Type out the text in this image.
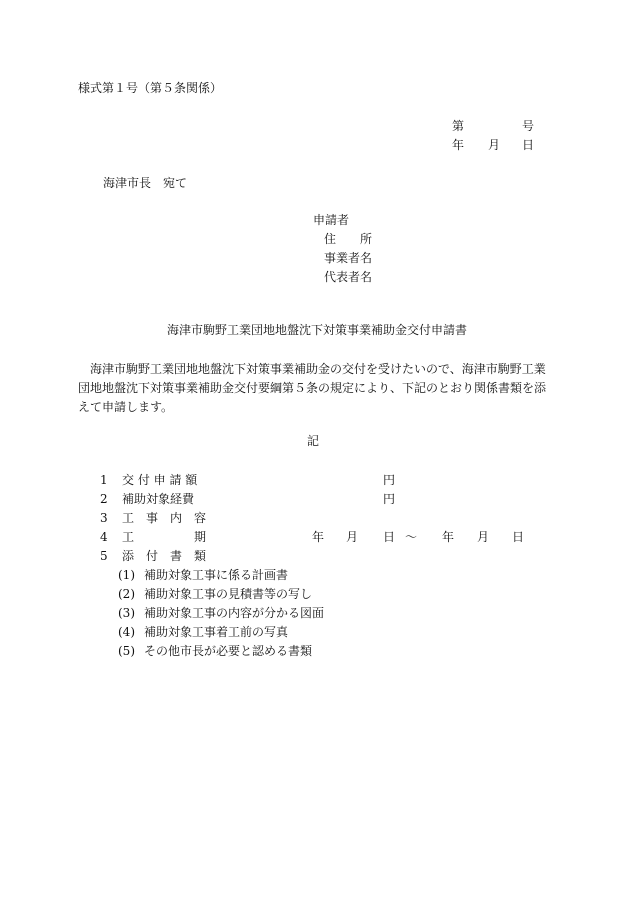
様式第１号（第５条関係）
第	号
年 月 日
海津市長　宛て
申請者
住　　所
事業者名
代表者名
海津市駒野工業団地地盤沈下対策事業補助金交付申請書
海津市駒野工業団地地盤沈下対策事業補助金の交付を受けたいので、海津市駒野工業団地地盤沈下対策事業補助金交付要綱第５条の規定により、下記のとおり関係書類を添えて申請します。
記
1 交 付 申 請 額	円
2 補助対象経費	円
3 工　事　内　容
4 工　　　　　期	年 月 日 ～ 年 月 日
5 添　付　書　類
(1) 補助対象工事に係る計画書
(2) 補助対象工事の見積書等の写し
(3) 補助対象工事の内容が分かる図面
(4) 補助対象工事着工前の写真
(5) その他市長が必要と認める書類
